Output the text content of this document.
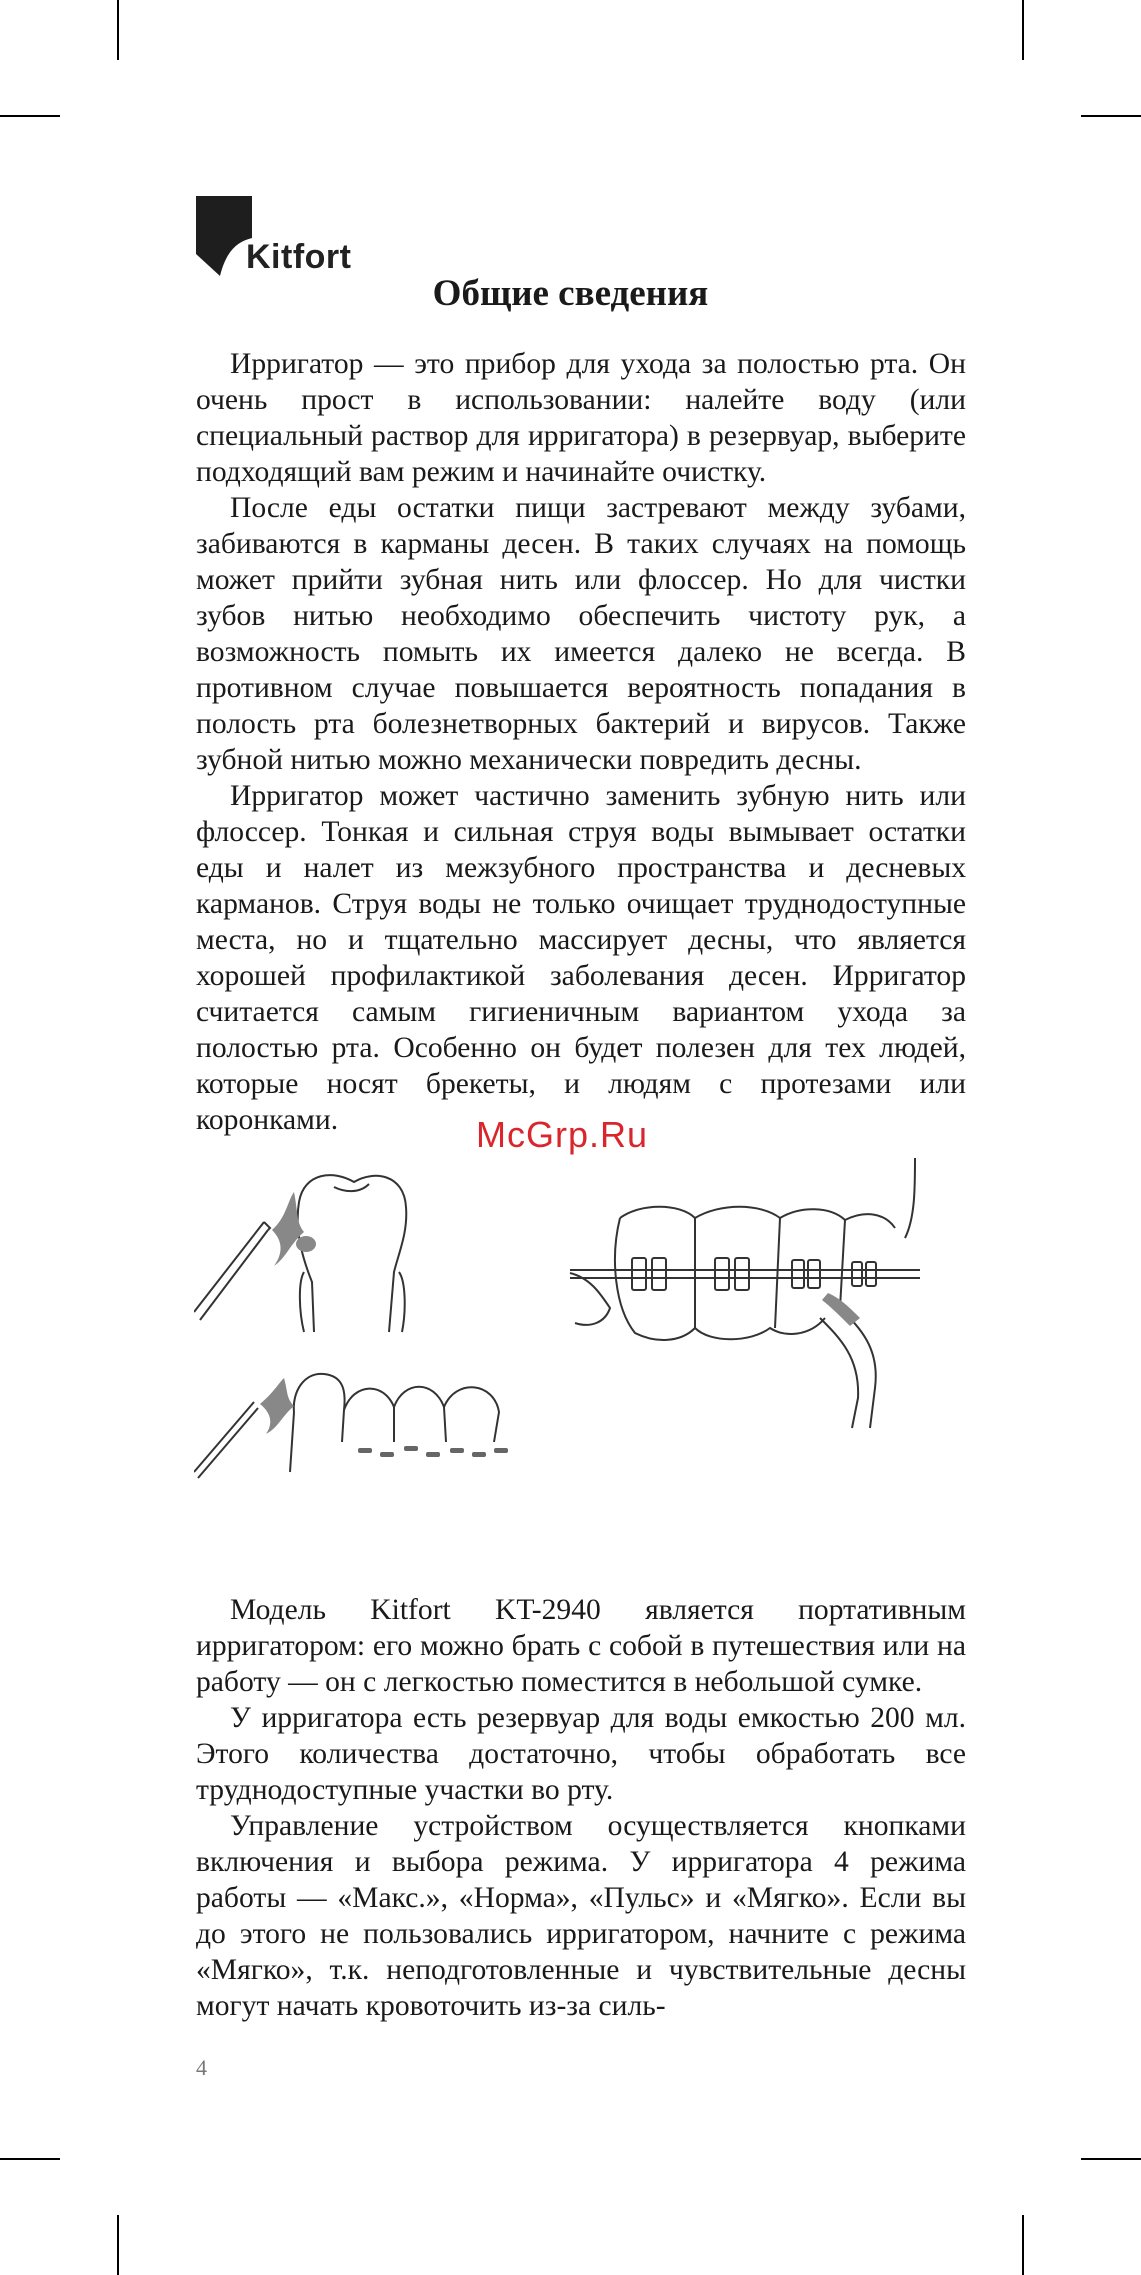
Kitfort
Общие сведения

Ирригатор — это прибор для ухода за полостью рта. Он очень прост в использовании: налейте воду (или специальный раствор для ирригатора) в резервуар, выберите подходящий вам режим и начинайте очистку.

После еды остатки пищи застревают между зубами, забиваются в карманы десен. В таких случаях на помощь может прийти зубная нить или флоссер. Но для чистки зубов нитью необходимо обеспечить чистоту рук, а возможность помыть их имеется далеко не всегда. В противном случае повышается вероятность попадания в полость рта болезнетворных бактерий и вирусов. Также зубной нитью можно механически повредить десны.

Ирригатор может частично заменить зубную нить или флоссер. Тонкая и сильная струя воды вымывает остатки еды и налет из межзубного пространства и десневых карманов. Струя воды не только очищает труднодоступные места, но и тщательно массирует десны, что является хорошей профилактикой заболевания десен. Ирригатор считается самым гигиеничным вариантом ухода за полостью рта. Особенно он будет полезен для тех людей, которые носят брекеты, и людям с протезами или коронками.	McGrp.Ru

Модель Kitfort KT-2940 является портативным ирригатором: его можно брать с собой в путешествия или на работу — он с легкостью поместится в небольшой сумке.

У ирригатора есть резервуар для воды емкостью 200 мл. Этого количества достаточно, чтобы обработать все труднодоступные участки во рту.

Управление устройством осуществляется кнопками включения и выбора режима. У ирригатора 4 режима работы — «Макс.», «Норма», «Пульс» и «Мягко». Если вы до этого не пользовались ирригатором, начните с режима «Мягко», т.к. неподготовленные и чувствительные десны могут начать кровоточить из-за силь-

4
